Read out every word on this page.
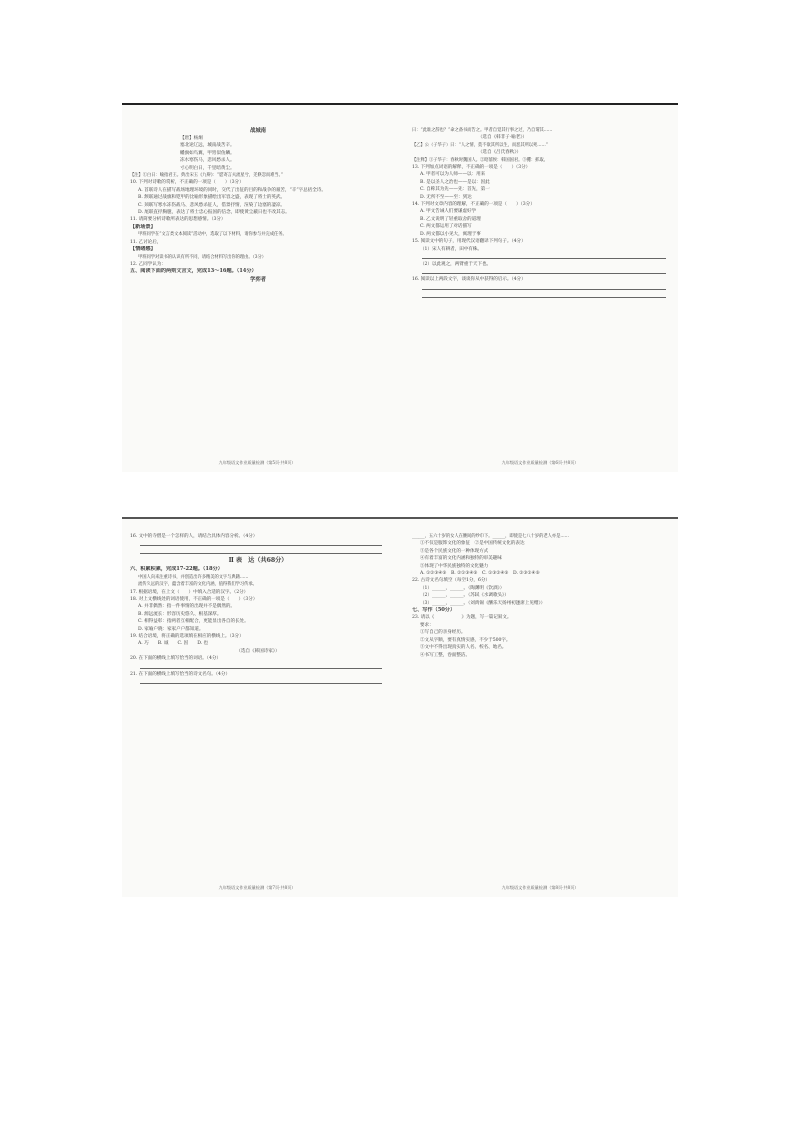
战城南
【唐】杨炯
塞北途辽远，城南战苦辛。
幡旗如鸟翼，甲胄似鱼鳞。
冻水寒伤马，悲风愁杀人。
寸心明白日，千里暗黄尘。
【注】①白日：喻指君王。典出宋玉《九辩》：“愿寄言夫流星兮，羌倏忽而难当。”
10. 下列对诗歌的赏析，不正确的一项是（　　）（3分）
A. 首联诗人在描写战场地理环境的同时，交代了出征的目的和战争的艰苦，“辛”字总括全诗。
B. 颔联通过战旗和铠甲的比喻形象描绘出军容之盛，表现了将士的英武。
C. 颈联写寒水冻伤战马、悲风愁杀征人，借景抒情，渲染了边塞的凄凉。
D. 尾联直抒胸臆，表达了将士忠心报国的信念，即使黄尘蔽日也不改其志。
11. 请简要分析诗歌所表达的思想感情。（3分）
【新场景】
甲班同学在“文言类文本阅读”活动中，选取了以下材料，请你参与并完成任务。
11. 乙讨论后，　　　　　　　　　　　　　　　　　
【情绪感】
甲班同学对读书的认识有所不同，请结合材料写出你的理由。（3分）
12. 乙同学认为：
五、阅读下面的两则文言文，完成13～16题。（14分）
学弈者
九年级语文作业质量检测（第5页·共8页）
曰：“此谁之辞也？”命之备书而告之。甲者自觉其行事之过，乃自谓其……
　　　　　　　　　　　　　　　（选自《韩非子·喻老》）
【乙】公（子华子）曰：“人之情，莫不欲其所以生，而恶其所以死……”
　　　　　　　　　　　　　　　（选自《吕氏春秋》）
【注释】①子华子：春秋时魏国人。②昭僖侯：韩国国君。③攫：抓取。
13. 下列加点词语的解释，不正确的一项是（　　）（3分）
A. 甲者可以为人师——以：用来
B. 是以圣人之治也——是以：因此
C. 自称其为先——先：首先，第一
D. 无所不至——至：到达
14. 下列对文章内容的理解，不正确的一项是（　　）（3分）
A. 甲文告诫人们要谦虚好学
B. 乙文说明了轻重取舍的道理
C. 两文都运用了对话描写
D. 两文都以小见大，寓理于事
15. 阅读文中的句子，用现代汉语翻译下列句子。（4分）
（1）宋人有耕者，田中有株。
（2）以此观之，两臂重于天下也。
16. 阅读以上两段文字，谈谈你从中获得的启示。（4分）
九年级语文作业质量检测（第6页·共8页）
16. 文中的寺僧是一个怎样的人，请结合具体内容分析。（4分）
Ⅱ 表　达（共68分）
六、积累积累，完成17-22题。（18分）
中国人向来注重诗书，并创造出许多精美的文字与典籍……
流传久远的汉字，蕴含着丰富的文化内涵，值得我们学习传承。
17. 根据语境，在上文（　　）中填入合适的汉字。（2分）
18. 对上文横线处的词语使用，不正确的一项是（　　）（3分）
A. 并非偶然：指一件事情的出现并不是偶然的。
B. 源远流长：形容历史悠久、根基深厚。
C. 相得益彰：指两者互相配合，更能显出各自的长处。
D. 家喻户晓：家家户户都知道。
19. 结合语境，将正确的选项填在相应的横线上。（3分）
A. 巧　　B. 诚　　C. 因　　D. 也
（选自《韩国诗家》）
20. 在下面的横线上填写恰当的词语。（4分）
21. 在下面的横线上填写恰当的诗文名句。（4分）
九年级语文作业质量检测（第7页·共8页）
______，五六十岁的女人在腰间的纱巾下。______，即使是七八十岁的老人亦是……
①不仅是服饰文化的象征　②是中国传统文化的表达
③是各个民族文化的一种体现方式
④有着丰富的文化内涵和独特的审美趣味
⑤体现了中华民族独特的文化魅力
A. ①②③④⑤　B. ②①③④⑤　C. ①③②④⑤　D. ②③①④⑤
22. 古诗文名句填空（每空1分，6分）
（1）______，______。（陶渊明《饮酒》）
（2）______，______。（苏轼《水调歌头》）
（3）______，______。（刘禹锡《酬乐天扬州初逢席上见赠》）
七、写作（50分）
23. 请以《　　　　　　》为题，写一篇记叙文。
要求：
①写自己的亲身经历。
②文从字顺，要有真情实感，不少于500字。
③文中不得出现真实的人名、校名、地名。
④书写工整，卷面整洁。
九年级语文作业质量检测（第8页·共8页）
